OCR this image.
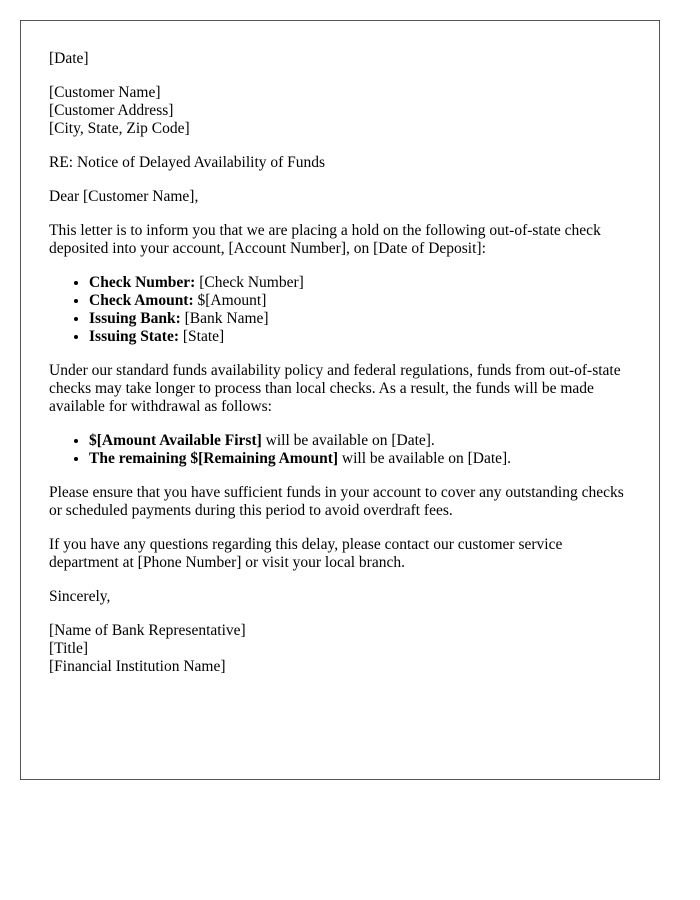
[Date]

[Customer Name]
[Customer Address]
[City, State, Zip Code]

RE: Notice of Delayed Availability of Funds

Dear [Customer Name],

This letter is to inform you that we are placing a hold on the following out-of-state check deposited into your account, [Account Number], on [Date of Deposit]:

• Check Number: [Check Number]
• Check Amount: $[Amount]
• Issuing Bank: [Bank Name]
• Issuing State: [State]

Under our standard funds availability policy and federal regulations, funds from out-of-state checks may take longer to process than local checks. As a result, the funds will be made available for withdrawal as follows:

• $[Amount Available First] will be available on [Date].
• The remaining $[Remaining Amount] will be available on [Date].

Please ensure that you have sufficient funds in your account to cover any outstanding checks or scheduled payments during this period to avoid overdraft fees.

If you have any questions regarding this delay, please contact our customer service department at [Phone Number] or visit your local branch.

Sincerely,

[Name of Bank Representative]
[Title]
[Financial Institution Name]
